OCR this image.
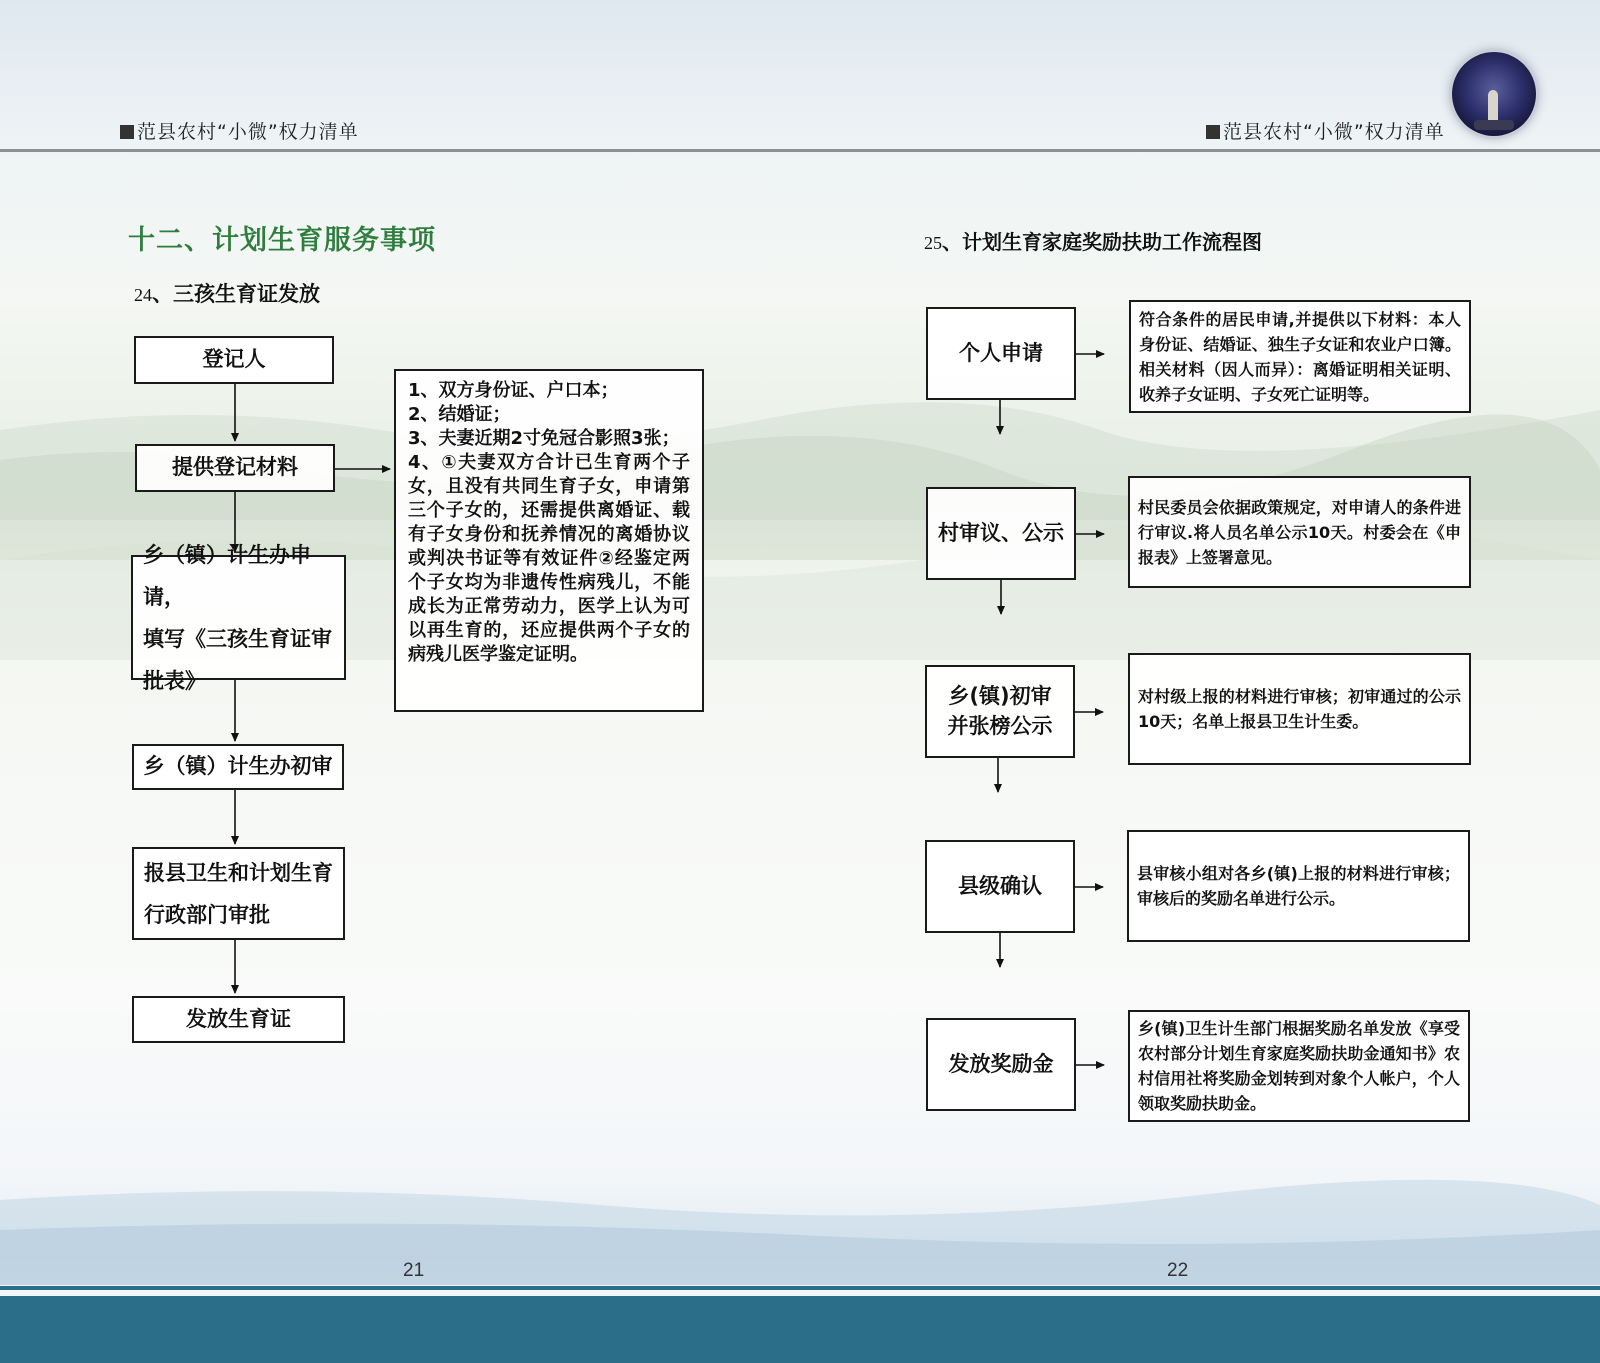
范县农村“小微”权力清单	范县农村“小微”权力清单
十二、计划生育服务事项
24、三孩生育证发放
登记人
提供登记材料
乡（镇）计生办申请，
填写《三孩生育证审
批表》
乡（镇）计生办初审
报县卫生和计划生育
行政部门审批
发放生育证
1、双方身份证、户口本；
2、结婚证；
3、夫妻近期2寸免冠合影照3张；
4、①夫妻双方合计已生育两个子女，且没有共同生育子女，申请第三个子女的，还需提供离婚证、载有子女身份和抚养情况的离婚协议或判决书证等有效证件②经鉴定两个子女均为非遗传性病残儿，不能成长为正常劳动力，医学上认为可以再生育的，还应提供两个子女的病残儿医学鉴定证明。
21
25、计划生育家庭奖励扶助工作流程图
个人申请
符合条件的居民申请,并提供以下材料：本人身份证、结婚证、独生子女证和农业户口簿。相关材料（因人而异）：离婚证明相关证明、收养子女证明、子女死亡证明等。
村审议、公示
村民委员会依据政策规定，对申请人的条件进行审议.将人员名单公示10天。村委会在《申报表》上签署意见。
乡(镇)初审
并张榜公示
对村级上报的材料进行审核；初审通过的公示10天；名单上报县卫生计生委。
县级确认
县审核小组对各乡(镇)上报的材料进行审核；审核后的奖励名单进行公示。
发放奖励金
乡(镇)卫生计生部门根据奖励名单发放《享受农村部分计划生育家庭奖励扶助金通知书》农村信用社将奖励金划转到对象个人帐户，个人领取奖励扶助金。
22
